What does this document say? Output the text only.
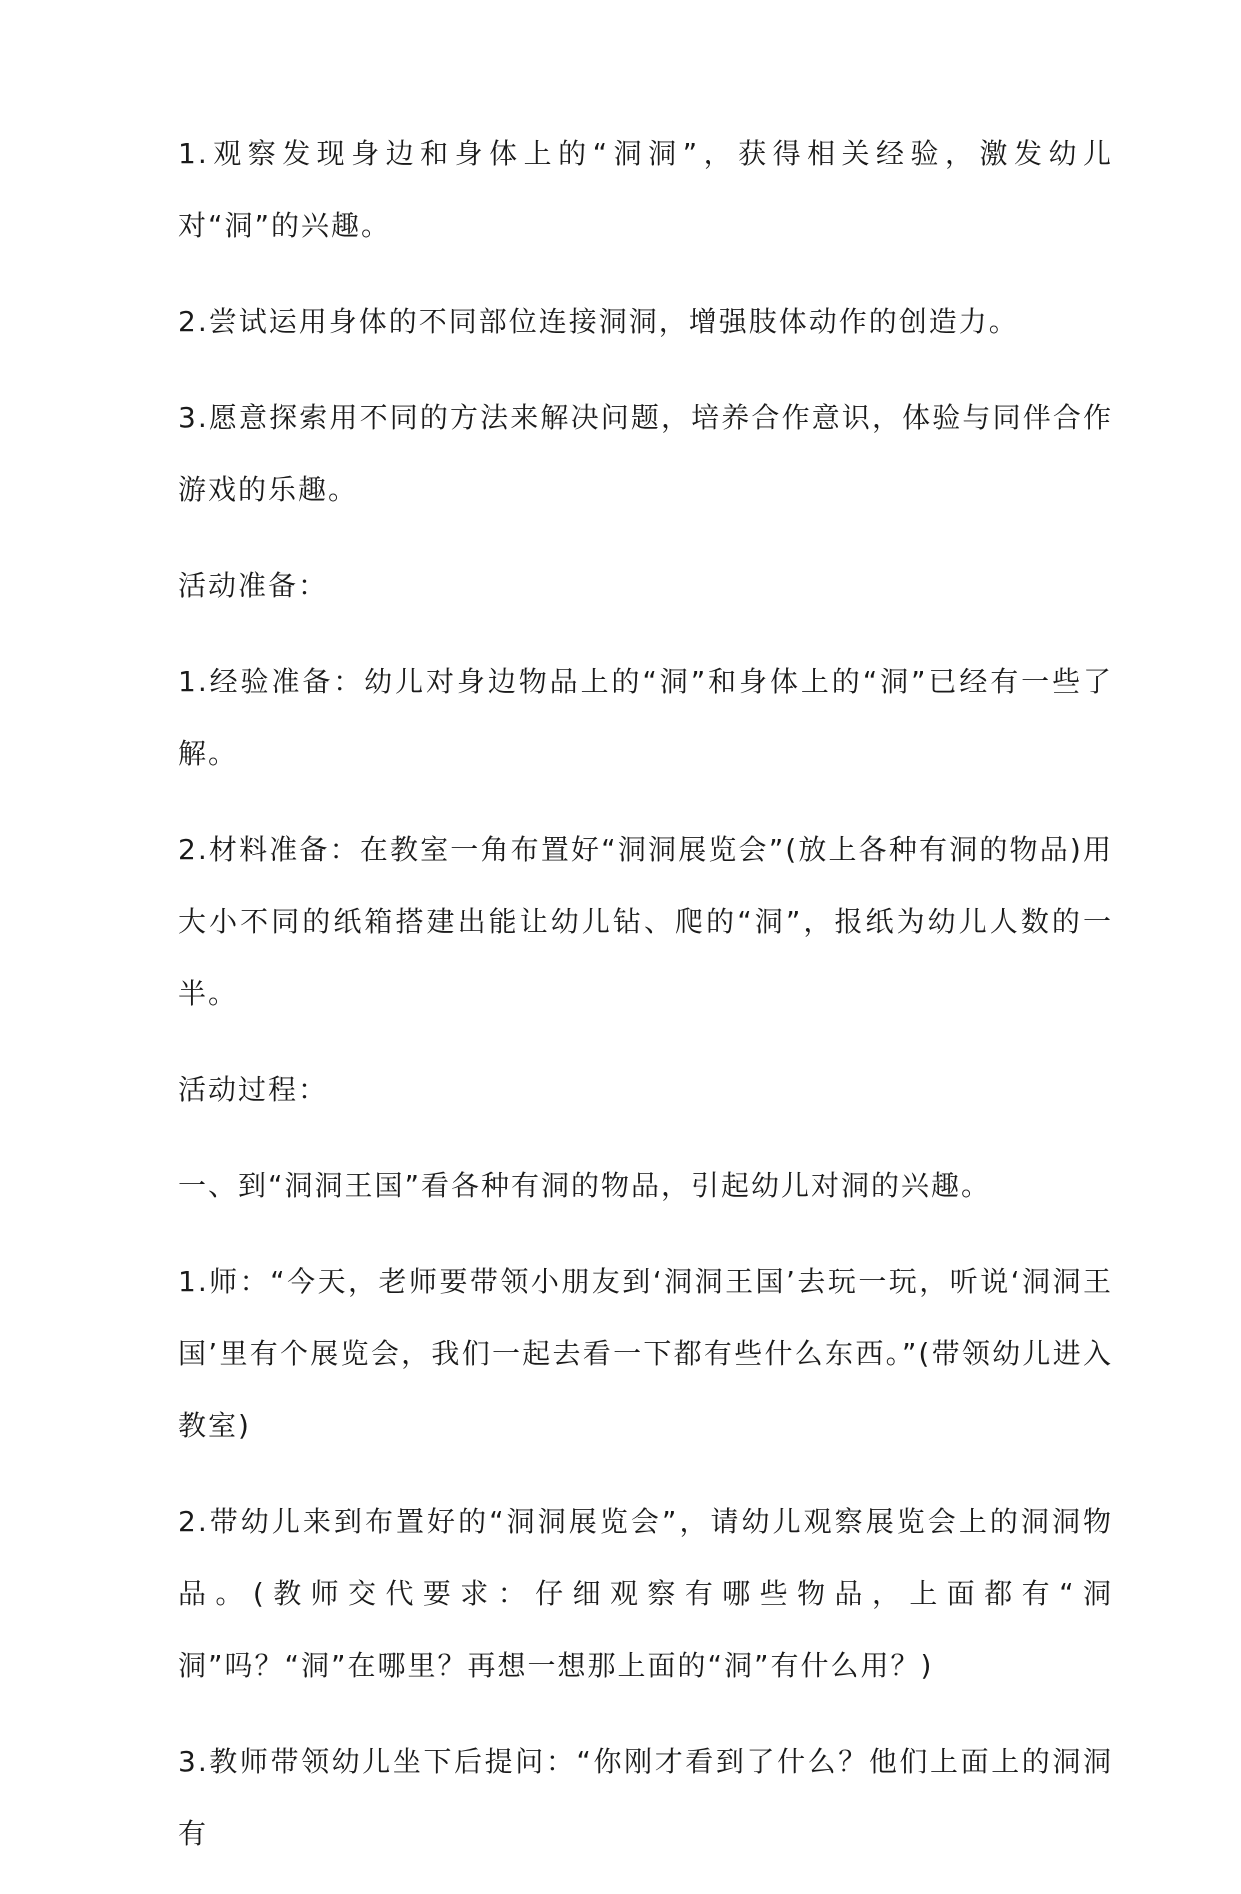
1.观察发现身边和身体上的“洞洞”，获得相关经验，激发幼儿对“洞”的兴趣。

2.尝试运用身体的不同部位连接洞洞，增强肢体动作的创造力。

3.愿意探索用不同的方法来解决问题，培养合作意识，体验与同伴合作游戏的乐趣。

活动准备：

1.经验准备：幼儿对身边物品上的“洞”和身体上的“洞”已经有一些了解。

2.材料准备：在教室一角布置好“洞洞展览会”(放上各种有洞的物品)用大小不同的纸箱搭建出能让幼儿钻、爬的“洞”，报纸为幼儿人数的一半。

活动过程：

一、到“洞洞王国”看各种有洞的物品，引起幼儿对洞的兴趣。

1.师：“今天，老师要带领小朋友到‘洞洞王国’去玩一玩，听说‘洞洞王国’里有个展览会，我们一起去看一下都有些什么东西。”(带领幼儿进入教室)

2.带幼儿来到布置好的“洞洞展览会”，请幼儿观察展览会上的洞洞物品。(教师交代要求：仔细观察有哪些物品，上面都有“洞洞”吗？“洞”在哪里？再想一想那上面的“洞”有什么用？)

3.教师带领幼儿坐下后提问：“你刚才看到了什么？他们上面上的洞洞有
